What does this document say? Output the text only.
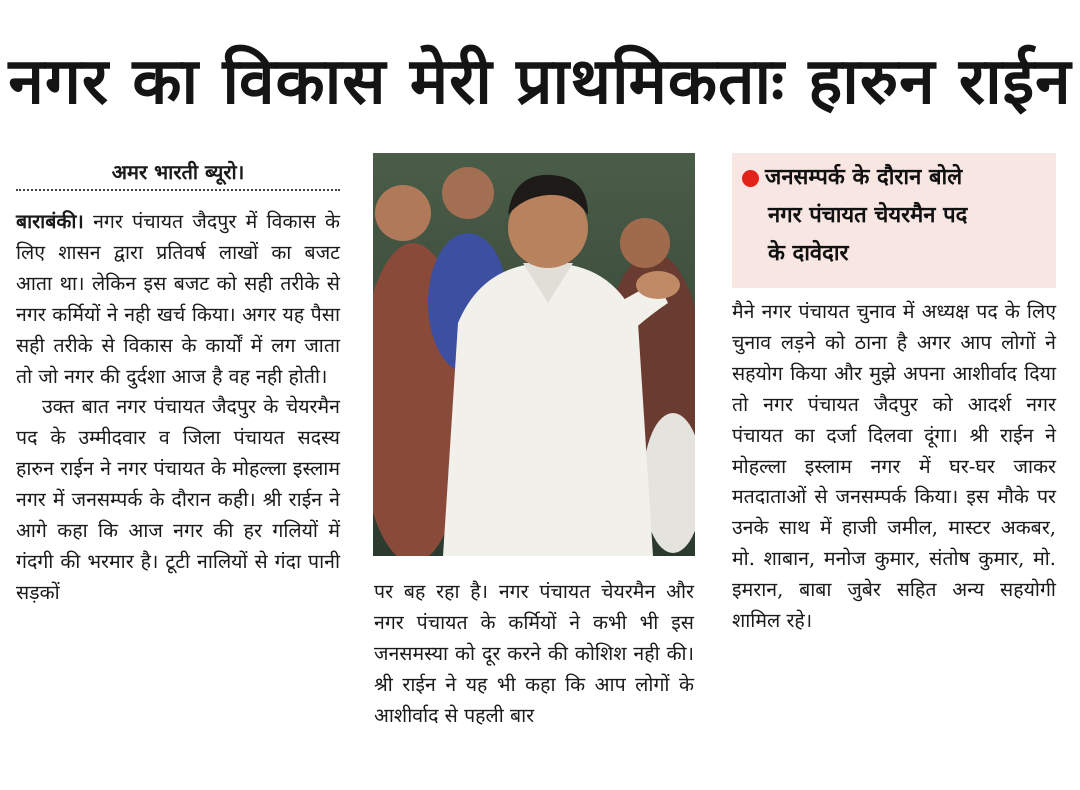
नगर का विकास मेरी प्राथमिकताः हारुन राईन
अमर भारती ब्यूरो।

बाराबंकी। नगर पंचायत जैदपुर में विकास के लिए शासन द्वारा प्रतिवर्ष लाखों का बजट आता था। लेकिन इस बजट को सही तरीके से नगर कर्मियों ने नही खर्च किया। अगर यह पैसा सही तरीके से विकास के कार्यों में लग जाता तो जो नगर की दुर्दशा आज है वह नही होती।

उक्त बात नगर पंचायत जैदपुर के चेयरमैन पद के उम्मीदवार व जिला पंचायत सदस्य हारुन राईन ने नगर पंचायत के मोहल्ला इस्लाम नगर में जनसम्पर्क के दौरान कही। श्री राईन ने आगे कहा कि आज नगर की हर गलियों में गंदगी की भरमार है। टूटी नालियों से गंदा पानी सड़कों	पर बह रहा है। नगर पंचायत चेयरमैन और नगर पंचायत के कर्मियों ने कभी भी इस जनसमस्या को दूर करने की कोशिश नही की। श्री राईन ने यह भी कहा कि आप लोगों के आशीर्वाद से पहली बार

जनसम्पर्क के दौरान बोले
नगर पंचायत चेयरमैन पद
के दावेदार

मैने नगर पंचायत चुनाव में अध्यक्ष पद के लिए चुनाव लड़ने को ठाना है अगर आप लोगों ने सहयोग किया और मुझे अपना आशीर्वाद दिया तो नगर पंचायत जैदपुर को आदर्श नगर पंचायत का दर्जा दिलवा दूंगा। श्री राईन ने मोहल्ला इस्लाम नगर में घर-घर जाकर मतदाताओं से जनसम्पर्क किया। इस मौके पर उनके साथ में हाजी जमील, मास्टर अकबर, मो. शाबान, मनोज कुमार, संतोष कुमार, मो. इमरान, बाबा जुबेर सहित अन्य सहयोगी शामिल रहे।
